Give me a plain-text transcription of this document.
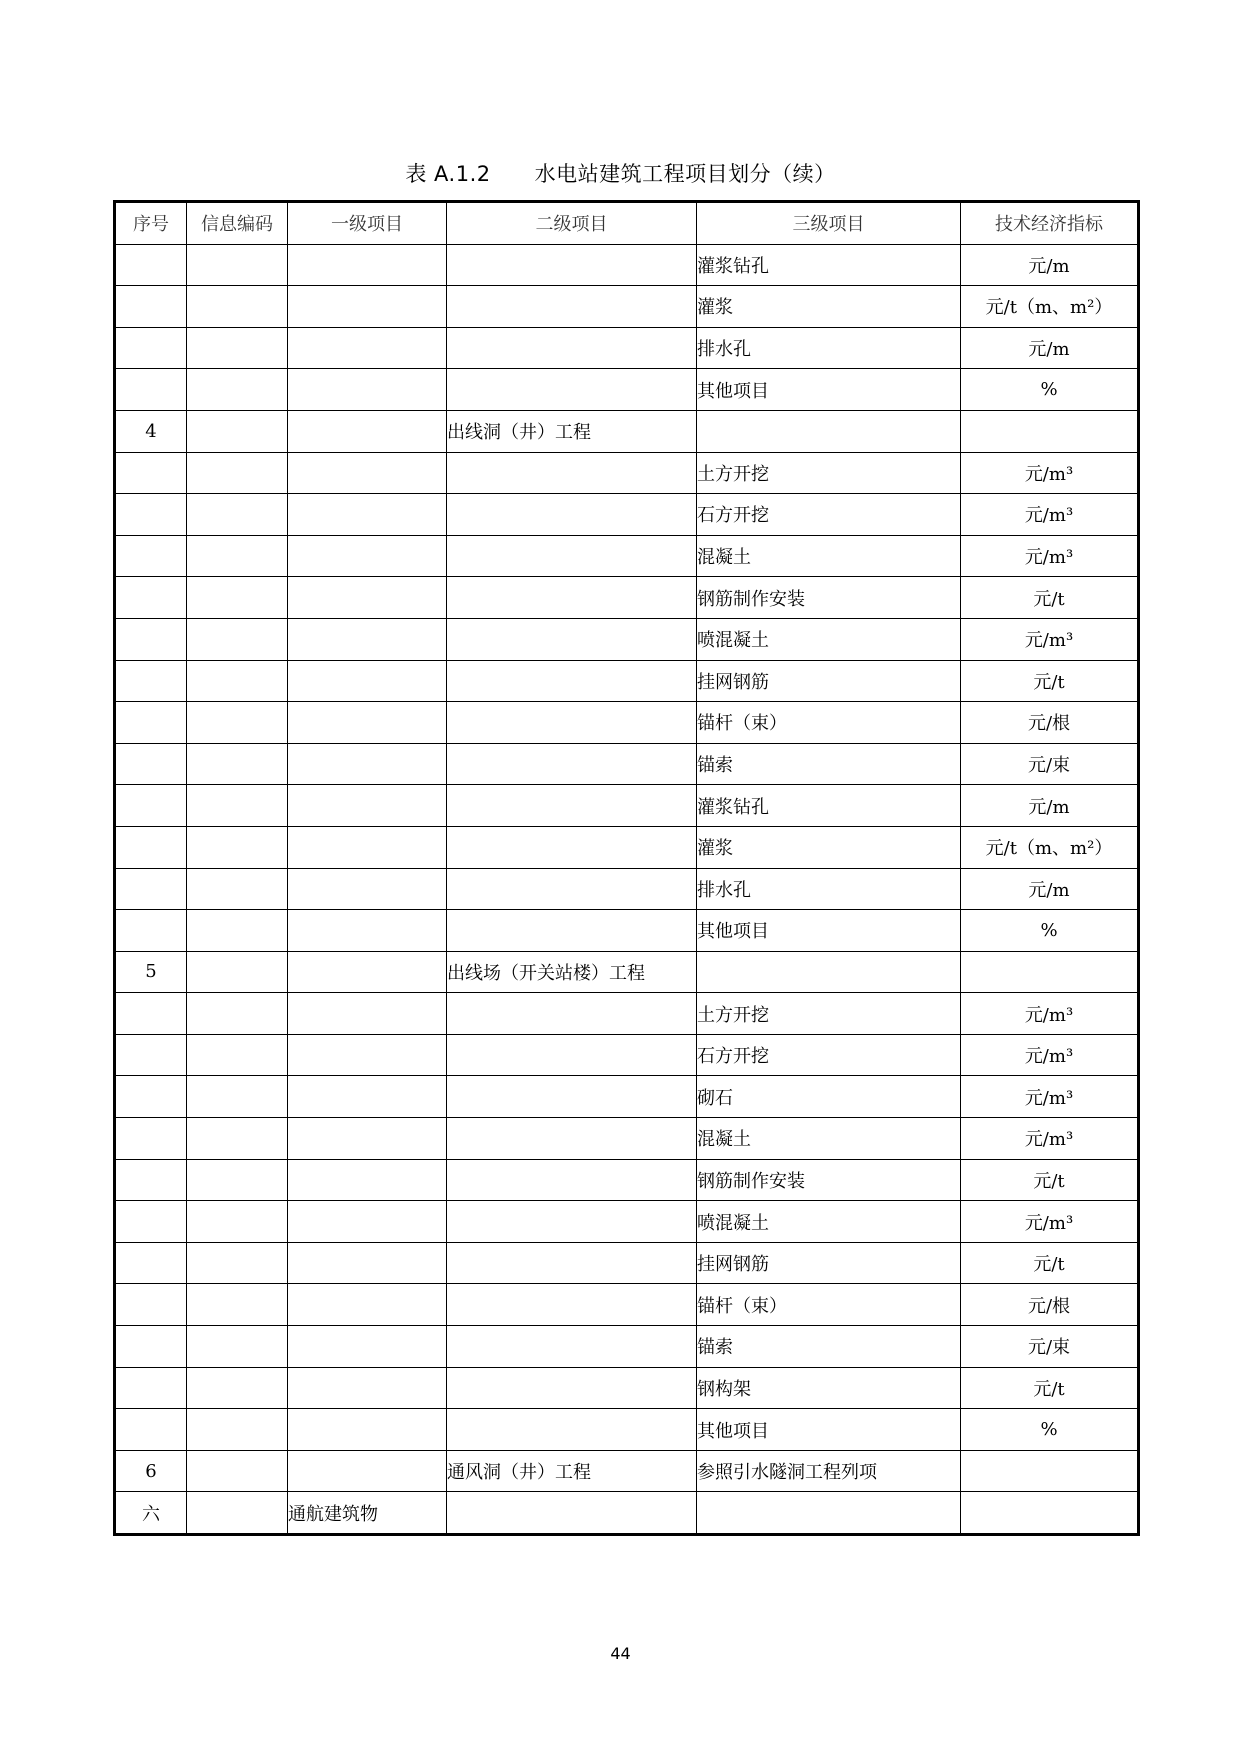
表 A.1.2 水电站建筑工程项目划分（续）
序号	信息编码	一级项目	二级项目	三级项目	技术经济指标
				灌浆钻孔	元/m
				灌浆	元/t（m、m²）
				排水孔	元/m
				其他项目	%
4			出线洞（井）工程		
				土方开挖	元/m³
				石方开挖	元/m³
				混凝土	元/m³
				钢筋制作安装	元/t
				喷混凝土	元/m³
				挂网钢筋	元/t
				锚杆（束）	元/根
				锚索	元/束
				灌浆钻孔	元/m
				灌浆	元/t（m、m²）
				排水孔	元/m
				其他项目	%
5			出线场（开关站楼）工程		
				土方开挖	元/m³
				石方开挖	元/m³
				砌石	元/m³
				混凝土	元/m³
				钢筋制作安装	元/t
				喷混凝土	元/m³
				挂网钢筋	元/t
				锚杆（束）	元/根
				锚索	元/束
				钢构架	元/t
				其他项目	%
6			通风洞（井）工程	参照引水隧洞工程列项	
六		通航建筑物			
44
